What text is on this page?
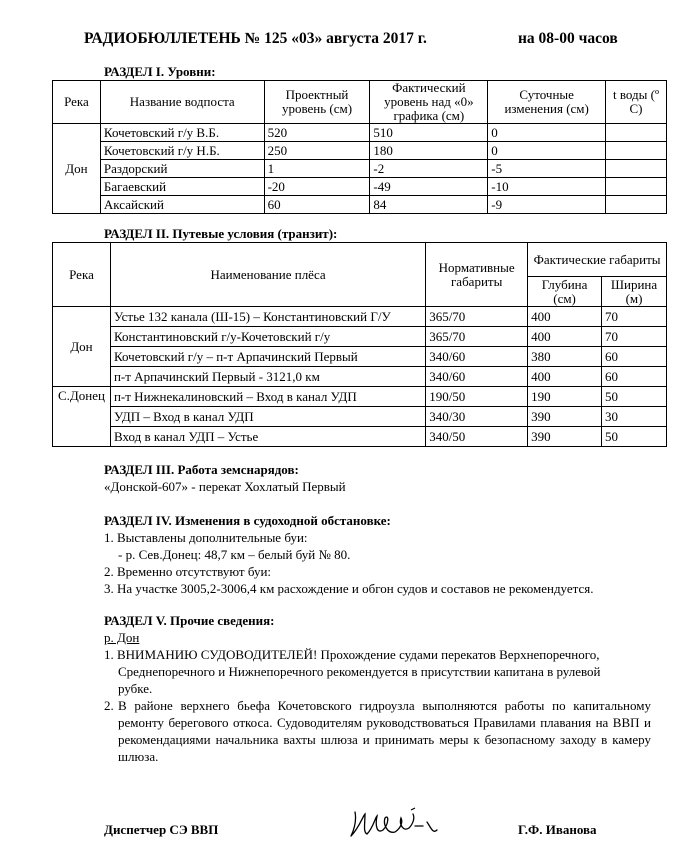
РАДИОБЮЛЛЕТЕНЬ № 125 «03» августа 2017 г.	на 08-00 часов
РАЗДЕЛ I. Уровни:
Река	Название водпоста	Проектный уровень (см)	Фактический уровень над «0» графика (см)	Суточные изменения (см)	t воды (º С)
Дон	Кочетовский г/у В.Б.	520	510	0	
	Кочетовский г/у Н.Б.	250	180	0	
	Раздорский	1	-2	-5	
	Багаевский	-20	-49	-10	
	Аксайский	60	84	-9	
РАЗДЕЛ II. Путевые условия (транзит):
Река	Наименование плёса	Нормативные габариты	Фактические габариты	
			Глубина (см)	Ширина (м)
Дон	Устье 132 канала (Ш-15) – Константиновский Г/У	365/70	400	70
	Константиновский г/у-Кочетовский г/у	365/70	400	70
	Кочетовский г/у – п-т Арпачинский Первый	340/60	380	60
	п-т Арпачинский Первый - 3121,0 км	340/60	400	60
С.Донец	п-т Нижнекалиновский – Вход в канал УДП	190/50	190	50
	УДП – Вход в канал УДП	340/30	390	30
	Вход в канал УДП – Устье	340/50	390	50
РАЗДЕЛ III. Работа земснарядов:
«Донской-607» - перекат Хохлатый Первый
РАЗДЕЛ IV. Изменения в судоходной обстановке:
1. Выставлены дополнительные буи:
- р. Сев.Донец: 48,7 км – белый буй № 80.
2. Временно отсутствуют буи:
3. На участке 3005,2-3006,4 км расхождение и обгон судов и составов не рекомендуется.
РАЗДЕЛ V. Прочие сведения:
р. Дон
1. ВНИМАНИЮ СУДОВОДИТЕЛЕЙ! Прохождение судами перекатов Верхнепоречного,
Среднепоречного и Нижнепоречного рекомендуется в присутствии капитана в рулевой
рубке.
2. В районе верхнего бьефа Кочетовского гидроузла выполняются работы по капитальному ремонту берегового откоса. Судоводителям руководствоваться Правилами плавания на ВВП и рекомендациями начальника вахты шлюза и принимать меры к безопасному заходу в камеру шлюза.
Диспетчер СЭ ВВП	Г.Ф. Иванова
